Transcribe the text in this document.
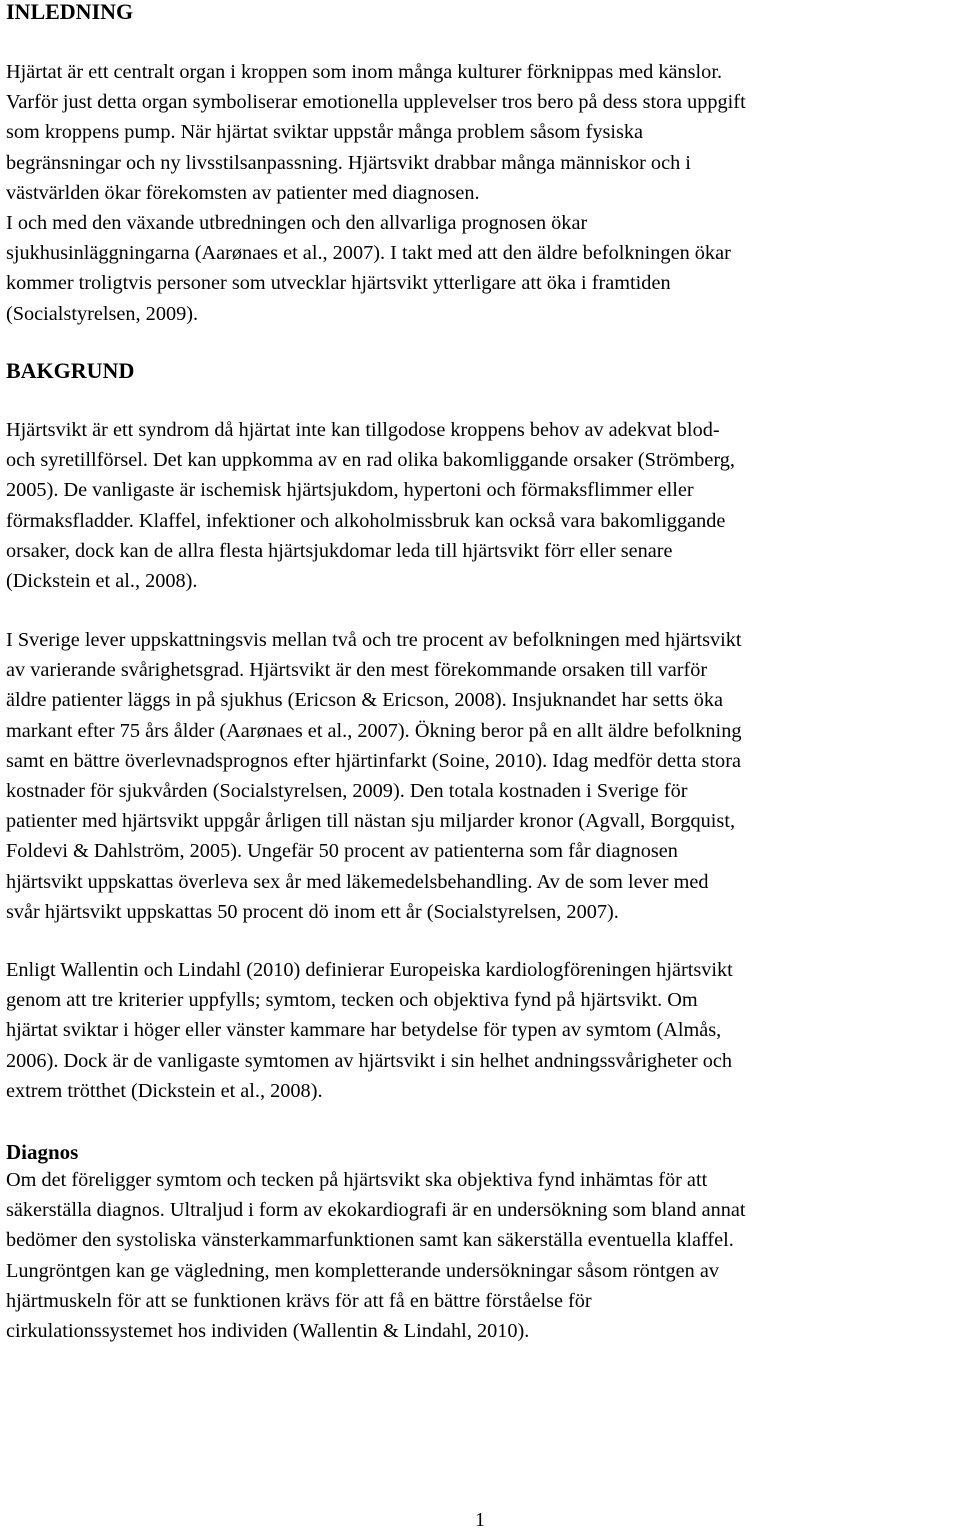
INLEDNING

Hjärtat är ett centralt organ i kroppen som inom många kulturer förknippas med känslor.
Varför just detta organ symboliserar emotionella upplevelser tros bero på dess stora uppgift
som kroppens pump. När hjärtat sviktar uppstår många problem såsom fysiska
begränsningar och ny livsstilsanpassning. Hjärtsvikt drabbar många människor och i
västvärlden ökar förekomsten av patienter med diagnosen.
I och med den växande utbredningen och den allvarliga prognosen ökar
sjukhusinläggningarna (Aarønaes et al., 2007). I takt med att den äldre befolkningen ökar
kommer troligtvis personer som utvecklar hjärtsvikt ytterligare att öka i framtiden
(Socialstyrelsen, 2009).

BAKGRUND

Hjärtsvikt är ett syndrom då hjärtat inte kan tillgodose kroppens behov av adekvat blod-
och syretillförsel. Det kan uppkomma av en rad olika bakomliggande orsaker (Strömberg,
2005). De vanligaste är ischemisk hjärtsjukdom, hypertoni och förmaksflimmer eller
förmaksfladder. Klaffel, infektioner och alkoholmissbruk kan också vara bakomliggande
orsaker, dock kan de allra flesta hjärtsjukdomar leda till hjärtsvikt förr eller senare
(Dickstein et al., 2008).

I Sverige lever uppskattningsvis mellan två och tre procent av befolkningen med hjärtsvikt
av varierande svårighetsgrad. Hjärtsvikt är den mest förekommande orsaken till varför
äldre patienter läggs in på sjukhus (Ericson & Ericson, 2008). Insjuknandet har setts öka
markant efter 75 års ålder (Aarønaes et al., 2007). Ökning beror på en allt äldre befolkning
samt en bättre överlevnadsprognos efter hjärtinfarkt (Soine, 2010). Idag medför detta stora
kostnader för sjukvården (Socialstyrelsen, 2009). Den totala kostnaden i Sverige för
patienter med hjärtsvikt uppgår årligen till nästan sju miljarder kronor (Agvall, Borgquist,
Foldevi & Dahlström, 2005). Ungefär 50 procent av patienterna som får diagnosen
hjärtsvikt uppskattas överleva sex år med läkemedelsbehandling. Av de som lever med
svår hjärtsvikt uppskattas 50 procent dö inom ett år (Socialstyrelsen, 2007).

Enligt Wallentin och Lindahl (2010) definierar Europeiska kardiologföreningen hjärtsvikt
genom att tre kriterier uppfylls; symtom, tecken och objektiva fynd på hjärtsvikt. Om
hjärtat sviktar i höger eller vänster kammare har betydelse för typen av symtom (Almås,
2006). Dock är de vanligaste symtomen av hjärtsvikt i sin helhet andningssvårigheter och
extrem trötthet (Dickstein et al., 2008).

Diagnos

Om det föreligger symtom och tecken på hjärtsvikt ska objektiva fynd inhämtas för att
säkerställa diagnos. Ultraljud i form av ekokardiografi är en undersökning som bland annat
bedömer den systoliska vänsterkammarfunktionen samt kan säkerställa eventuella klaffel.
Lungröntgen kan ge vägledning, men kompletterande undersökningar såsom röntgen av
hjärtmuskeln för att se funktionen krävs för att få en bättre förståelse för
cirkulationssystemet hos individen (Wallentin & Lindahl, 2010).

1
